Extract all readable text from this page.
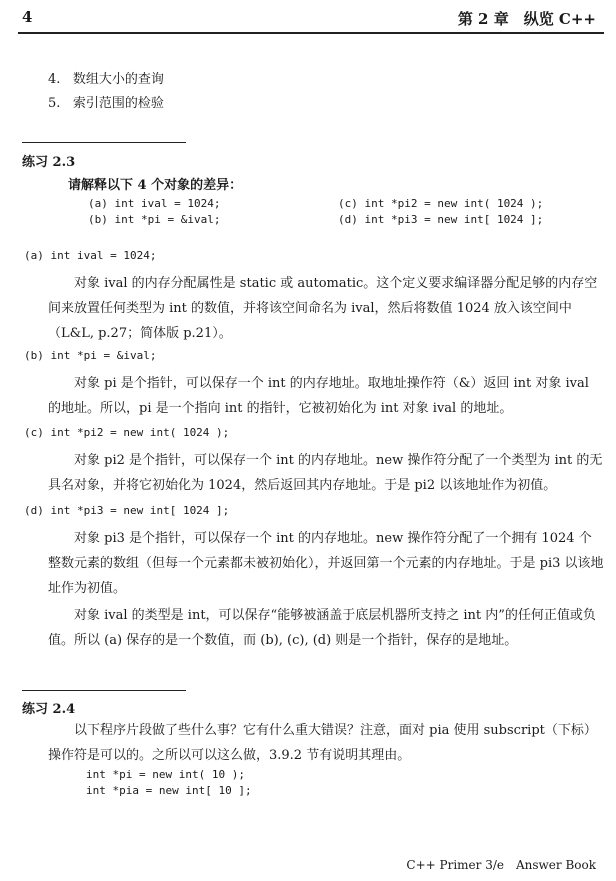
4	第 2 章　纵览 C++
4. 数组大小的查询
5. 索引范围的检验
练习 2.3
请解释以下 4 个对象的差异：
(a) int ival = 1024;
(b) int *pi = &ival;
(c) int *pi2 = new int( 1024 );
(d) int *pi3 = new int[ 1024 ];
(a) int ival = 1024;
对象 ival 的内存分配属性是 static 或 automatic。这个定义要求编译器分配足够的内存空间来放置任何类型为 int 的数值，并将该空间命名为 ival，然后将数值 1024 放入该空间中（L&L, p.27；简体版 p.21）。
(b) int *pi = &ival;
对象 pi 是个指针，可以保存一个 int 的内存地址。取地址操作符（&）返回 int 对象 ival 的地址。所以，pi 是一个指向 int 的指针，它被初始化为 int 对象 ival 的地址。
(c) int *pi2 = new int( 1024 );
对象 pi2 是个指针，可以保存一个 int 的内存地址。new 操作符分配了一个类型为 int 的无具名对象，并将它初始化为 1024，然后返回其内存地址。于是 pi2 以该地址作为初值。
(d) int *pi3 = new int[ 1024 ];
对象 pi3 是个指针，可以保存一个 int 的内存地址。new 操作符分配了一个拥有 1024 个整数元素的数组（但每一个元素都未被初始化），并返回第一个元素的内存地址。于是 pi3 以该地址作为初值。
对象 ival 的类型是 int，可以保存“能够被涵盖于底层机器所支持之 int 内”的任何正值或负值。所以 (a) 保存的是一个数值，而 (b), (c), (d) 则是一个指针，保存的是地址。
练习 2.4
以下程序片段做了些什么事？它有什么重大错误？注意，面对 pia 使用 subscript（下标）操作符是可以的。之所以可以这么做，3.9.2 节有说明其理由。
int *pi = new int( 10 );
int *pia = new int[ 10 ];
C++ Primer 3/e　Answer Book
